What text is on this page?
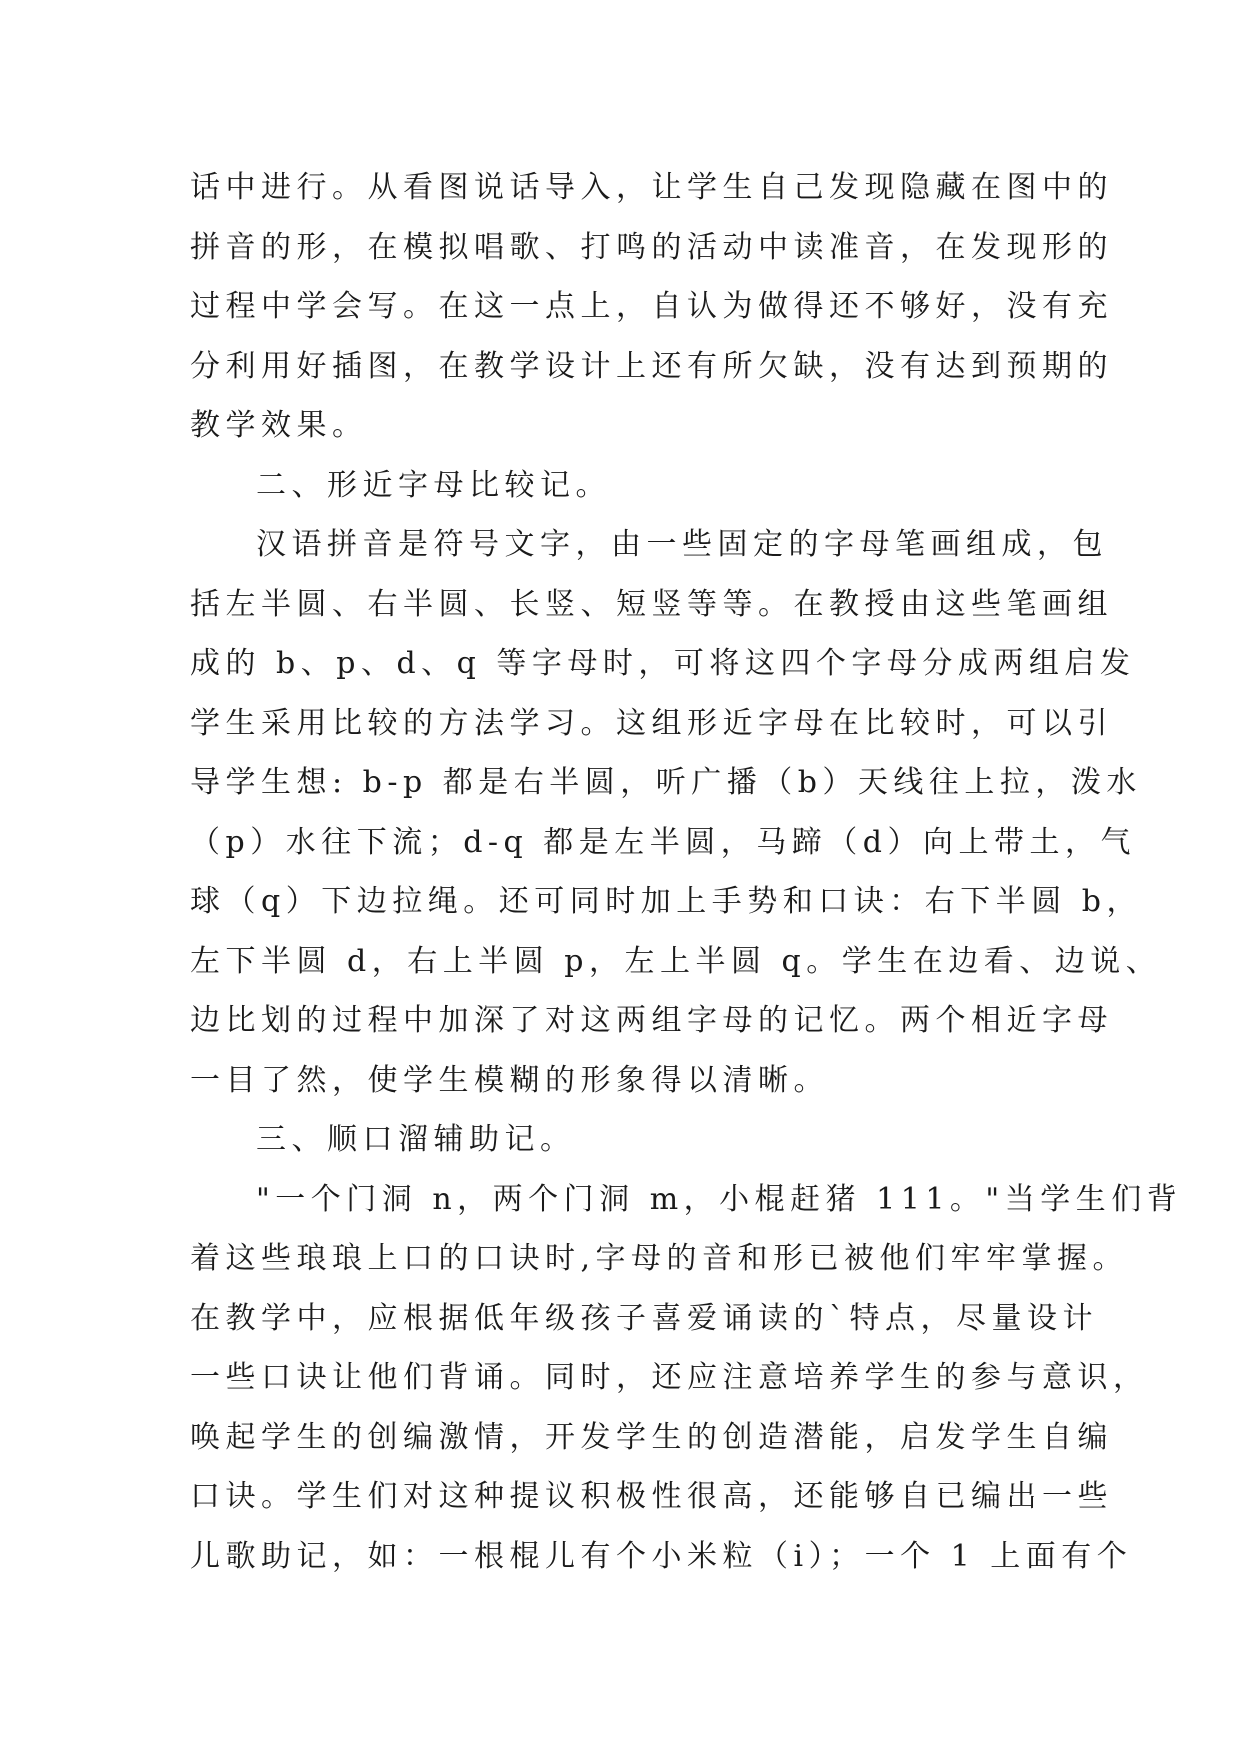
话中进行。从看图说话导入，让学生自己发现隐藏在图中的
拼音的形，在模拟唱歌、打鸣的活动中读准音，在发现形的
过程中学会写。在这一点上，自认为做得还不够好，没有充
分利用好插图，在教学设计上还有所欠缺，没有达到预期的
教学效果。
二、形近字母比较记。
汉语拼音是符号文字，由一些固定的字母笔画组成，包
括左半圆、右半圆、长竖、短竖等等。在教授由这些笔画组
成的 b、p、d、q 等字母时，可将这四个字母分成两组启发
学生采用比较的方法学习。这组形近字母在比较时，可以引
导学生想: b-p 都是右半圆，听广播（b）天线往上拉，泼水
（p）水往下流；d-q 都是左半圆，马蹄（d）向上带土，气
球（q）下边拉绳。还可同时加上手势和口诀：右下半圆 b，
左下半圆 d，右上半圆 p，左上半圆 q。学生在边看、边说、
边比划的过程中加深了对这两组字母的记忆。两个相近字母
一目了然，使学生模糊的形象得以清晰。
三、顺口溜辅助记。
"一个门洞 n，两个门洞 m，小棍赶猪 111。"当学生们背
着这些琅琅上口的口诀时,字母的音和形已被他们牢牢掌握。
在教学中，应根据低年级孩子喜爱诵读的`特点，尽量设计
一些口诀让他们背诵。同时，还应注意培养学生的参与意识，
唤起学生的创编激情，开发学生的创造潜能，启发学生自编
口诀。学生们对这种提议积极性很高，还能够自已编出一些
儿歌助记，如：一根棍儿有个小米粒（i）；一个 1 上面有个
